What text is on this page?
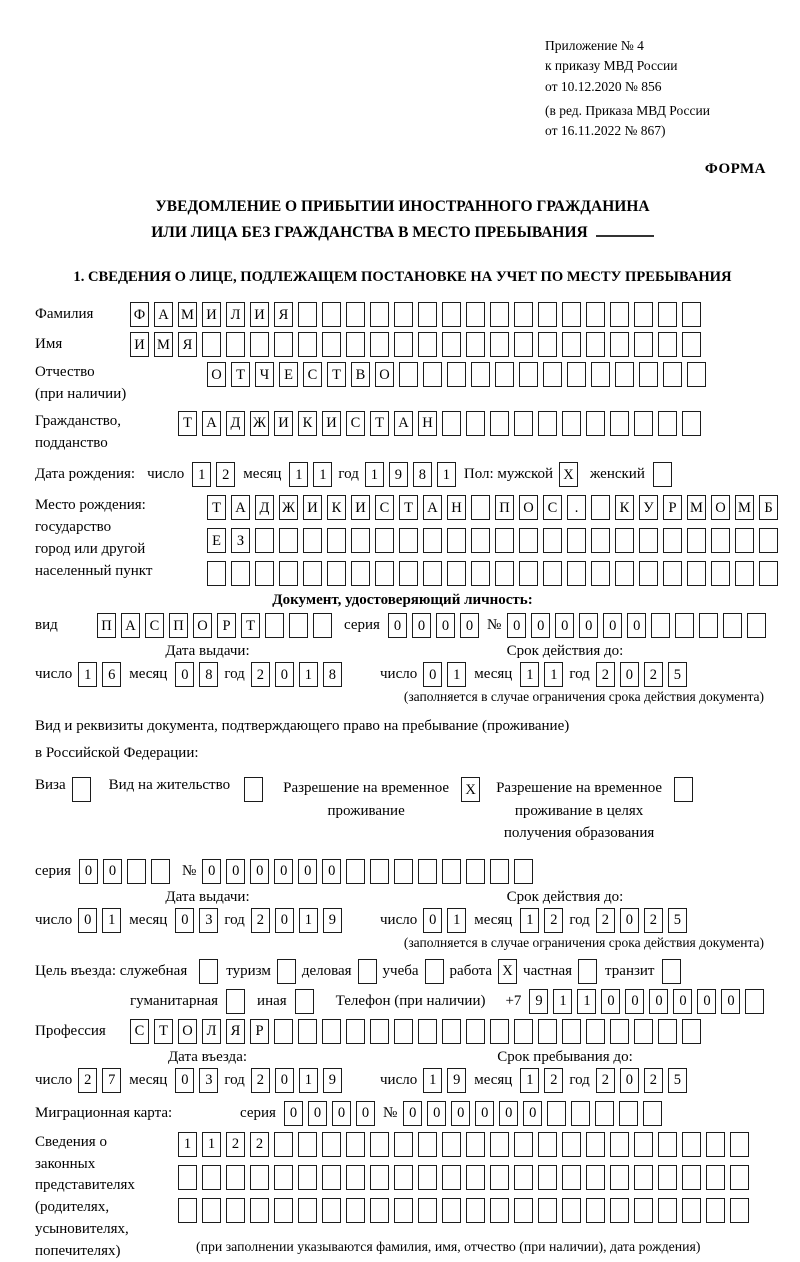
Приложение № 4
к приказу МВД России
от 10.12.2020 № 856
(в ред. Приказа МВД России
от 16.11.2022 № 867)
ФОРМА
УВЕДОМЛЕНИЕ О ПРИБЫТИИ ИНОСТРАННОГО ГРАЖДАНИНА
ИЛИ ЛИЦА БЕЗ ГРАЖДАНСТВА В МЕСТО ПРЕБЫВАНИЯ
1. СВЕДЕНИЯ О ЛИЦЕ, ПОДЛЕЖАЩЕМ ПОСТАНОВКЕ НА УЧЕТ ПО МЕСТУ ПРЕБЫВАНИЯ
Фамилия	Ф А М И Л И Я
Имя	И М Я
Отчество
(при наличии)
О Т	Ч	Е	С	Т	В О
Гражданство,
подданство
Т А Д Ж И К И С	Т А Н
Дата рождения: число 1	2 месяц 1	1 год 1	9	8	1 Пол: мужской X женский
Место рождения:
государство
город или другой
населенный пункт
Т А Д Ж И К И С	Т А Н	П О С	.	К У	Р М О М Б
Е	З
Документ, удостоверяющий личность:
вид	П А С П О	Р	Т	серия 0	0	0	0 № 0	0	0	0	0	0
Дата выдачи:	Срок действия до:
число 1	6 месяц 0	8 год 2	0	1	8	число 0	1 месяц 1	1 год 2	0	2	5
(заполняется в случае ограничения срока действия документа)
Вид и реквизиты документа, подтверждающего право на пребывание (проживание)
в Российской Федерации:
Виза	Вид на жительство	Разрешение на временное
проживание
X Разрешение на временное
проживание в целях
получения образования
серия 0	0	№ 0	0	0	0	0	0
Дата выдачи:	Срок действия до:
число 0	1 месяц 0	3 год 2	0	1	9	число 0	1 месяц 1	2 год 2	0	2	5
(заполняется в случае ограничения срока действия документа)
Цель въезда: служебная	туризм деловая учеба работа X частная транзит
гуманитарная	иная	Телефон (при наличии) +7 9	1	1	0	0	0	0	0	0
Профессия	С	Т О Л Я	Р
Дата въезда:	Срок пребывания до:
число 2	7 месяц 0	3 год 2	0	1	9	число 1	9 месяц 1	2 год 2	0	2	5
Миграционная карта:	серия 0	0	0	0 № 0	0	0	0	0	0
Сведения о
законных
представителях
(родителях,
усыновителях,
попечителях)
1	1	2	2
(при заполнении указываются фамилия, имя, отчество (при наличии), дата рождения)
